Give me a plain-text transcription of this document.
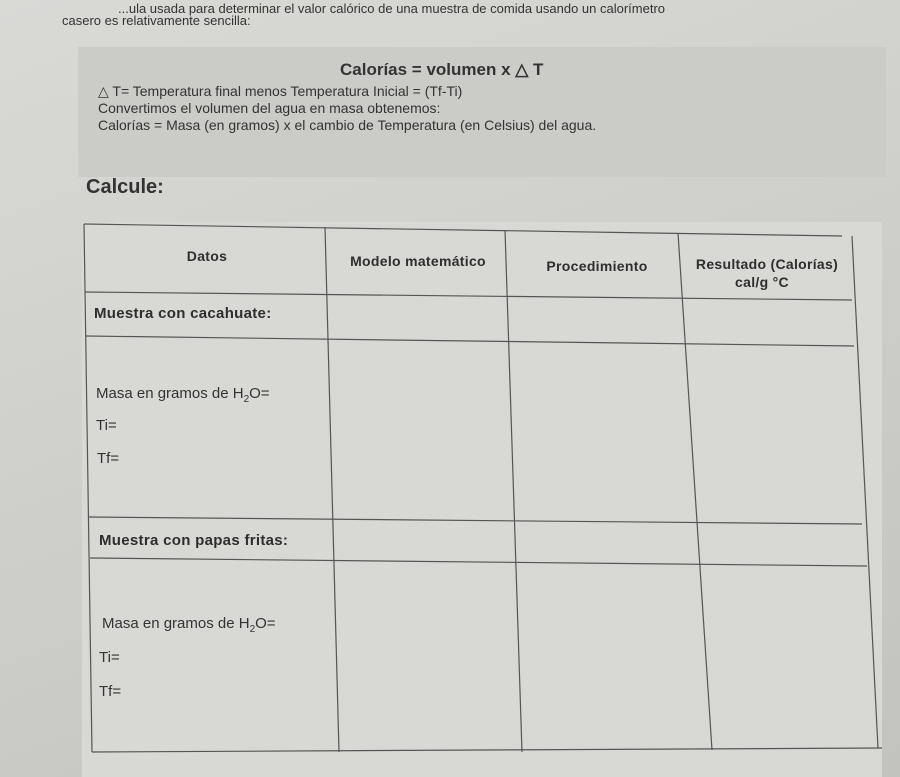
...ula usada para determinar el valor calórico de una muestra de comida usando un calorímetro
casero es relativamente sencilla:
Calorías = volumen x △ T
△ T= Temperatura final menos Temperatura Inicial = (Tf-Ti)
Convertimos el volumen del agua en masa obtenemos:
Calorías = Masa (en gramos) x el cambio de Temperatura (en Celsius) del agua.
Calcule:
Datos	Modelo matemático	Procedimiento	Resultado (Calorías)
cal/g °C
Muestra con cacahuate:
Masa en gramos de $H_2O=$
Ti=
Tf=
Muestra con papas fritas:
Masa en gramos de $H_2O=$
Ti=
Tf=
